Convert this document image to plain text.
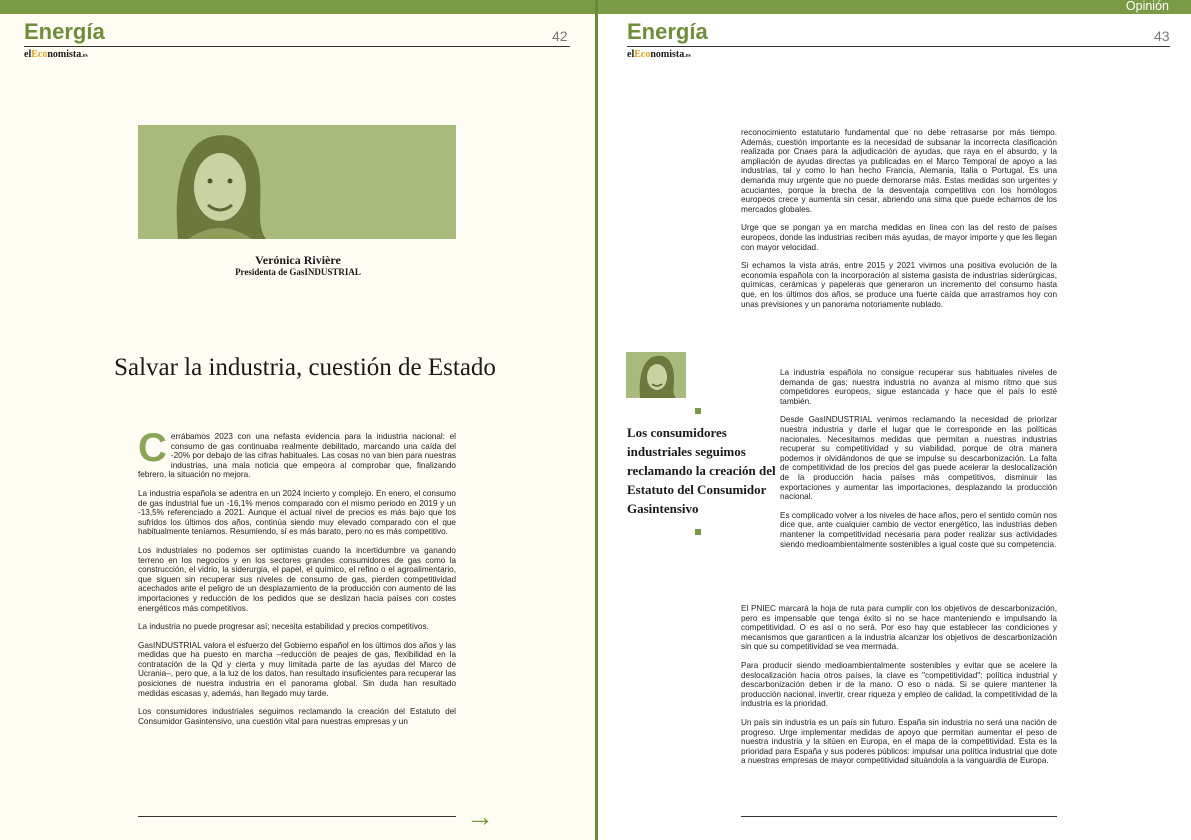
Energía	42
elEconomista.es
Verónica Rivière
Presidenta de GasINDUSTRIAL
Salvar la industria, cuestión de Estado

Cerrábamos 2023 con una nefasta evidencia para la industria nacional: el consumo de gas continuaba realmente debilitado, marcando una caída del -20% por debajo de las cifras habituales. Las cosas no van bien para nuestras industrias, una mala noticia que empeora al comprobar que, finalizando febrero, la situación no mejora.

La industria española se adentra en un 2024 incierto y complejo. En enero, el consumo de gas industrial fue un -16,1% menos comparado con el mismo periodo en 2019 y un -13,5% referenciado a 2021. Aunque el actual nivel de precios es más bajo que los sufridos los últimos dos años, continúa siendo muy elevado comparado con el que habitualmente teníamos. Resumiendo, sí es más barato, pero no es más competitivo.

Los industriales no podemos ser optimistas cuando la incertidumbre va ganando terreno en los negocios y en los sectores grandes consumidores de gas como la construcción, el vidrio, la siderurgia, el papel, el químico, el refino o el agroalimentario, que siguen sin recuperar sus niveles de consumo de gas, pierden competitividad acechados ante el peligro de un desplazamiento de la producción con aumento de las importaciones y reducción de los pedidos que se deslizan hacia países con costes energéticos más competitivos.

La industria no puede progresar así; necesita estabilidad y precios competitivos.

GasINDUSTRIAL valora el esfuerzo del Gobierno español en los últimos dos años y las medidas que ha puesto en marcha –reducción de peajes de gas, flexibilidad en la contratación de la Qd y cierta y muy limitada parte de las ayudas del Marco de Ucrania–, pero que, a la luz de los datos, han resultado insuficientes para recuperar las posiciones de nuestra industria en el panorama global. Sin duda han resultado medidas escasas y, además, han llegado muy tarde.

Los consumidores industriales seguimos reclamando la creación del Estatuto del Consumidor Gasintensivo, una cuestión vital para nuestras empresas y un

→
Opinión
Energía	43
elEconomista.es

reconocimiento estatutario fundamental que no debe retrasarse por más tiempo. Además, cuestión importante es la necesidad de subsanar la incorrecta clasificación realizada por Cnaes para la adjudicación de ayudas, que raya en el absurdo, y la ampliación de ayudas directas ya publicadas en el Marco Temporal de apoyo a las industrias, tal y como lo han hecho Francia, Alemania, Italia o Portugal. Es una demanda muy urgente que no puede demorarse más. Estas medidas son urgentes y acuciantes, porque la brecha de la desventaja competitiva con los homólogos europeos crece y aumenta sin cesar, abriendo una sima que puede echarnos de los mercados globales.

Urge que se pongan ya en marcha medidas en línea con las del resto de países europeos, donde las industrias reciben más ayudas, de mayor importe y que les llegan con mayor velocidad.

Si echamos la vista atrás, entre 2015 y 2021 vivimos una positiva evolución de la economía española con la incorporación al sistema gasista de industrias siderúrgicas, químicas, cerámicas y papeleras que generaron un incremento del consumo hasta que, en los últimos dos años, se produce una fuerte caída que arrastramos hoy con unas previsiones y un panorama notoriamente nublado.

La industria española no consigue recuperar sus habituales niveles de demanda de gas; nuestra industria no avanza al mismo ritmo que sus competidores europeos, sigue estancada y hace que el país lo esté también.

Desde GasINDUSTRIAL venimos reclamando la necesidad de priorizar nuestra industria y darle el lugar que le corresponde en las políticas nacionales. Necesitamos medidas que permitan a nuestras industrias recuperar su competitividad y su viabilidad, porque de otra manera podemos ir olvidándonos de que se impulse su descarbonización. La falta de competitividad de los precios del gas puede acelerar la deslocalización de la producción hacia países más competitivos, disminuir las exportaciones y aumentar las importaciones, desplazando la producción nacional.

Es complicado volver a los niveles de hace años, pero el sentido común nos dice que, ante cualquier cambio de vector energético, las industrias deben mantener la competitividad necesaria para poder realizar sus actividades siendo medioambientalmente sostenibles a igual coste que su competencia.

El PNIEC marcará la hoja de ruta para cumplir con los objetivos de descarbonización, pero es impensable que tenga éxito si no se hace manteniendo e impulsando la competitividad. O es así o no será. Por eso hay que establecer las condiciones y mecanismos que garanticen a la industria alcanzar los objetivos de descarbonización sin que su competitividad se vea mermada.

Para producir siendo medioambientalmente sostenibles y evitar que se acelere la deslocalización hacia otros países, la clave es "competitividad": política industrial y descarbonización deben ir de la mano. O eso o nada. Si se quiere mantener la producción nacional, invertir, crear riqueza y empleo de calidad, la competitividad de la industria es la prioridad.

Un país sin industria es un país sin futuro. España sin industria no será una nación de progreso. Urge implementar medidas de apoyo que permitan aumentar el peso de nuestra industria y la sitúen en Europa, en el mapa de la competitividad. Esta es la prioridad para España y sus poderes públicos: impulsar una política industrial que dote a nuestras empresas de mayor competitividad situándola a la vanguardia de Europa.

Los consumidores industriales seguimos reclamando la creación del Estatuto del Consumidor Gasintensivo
